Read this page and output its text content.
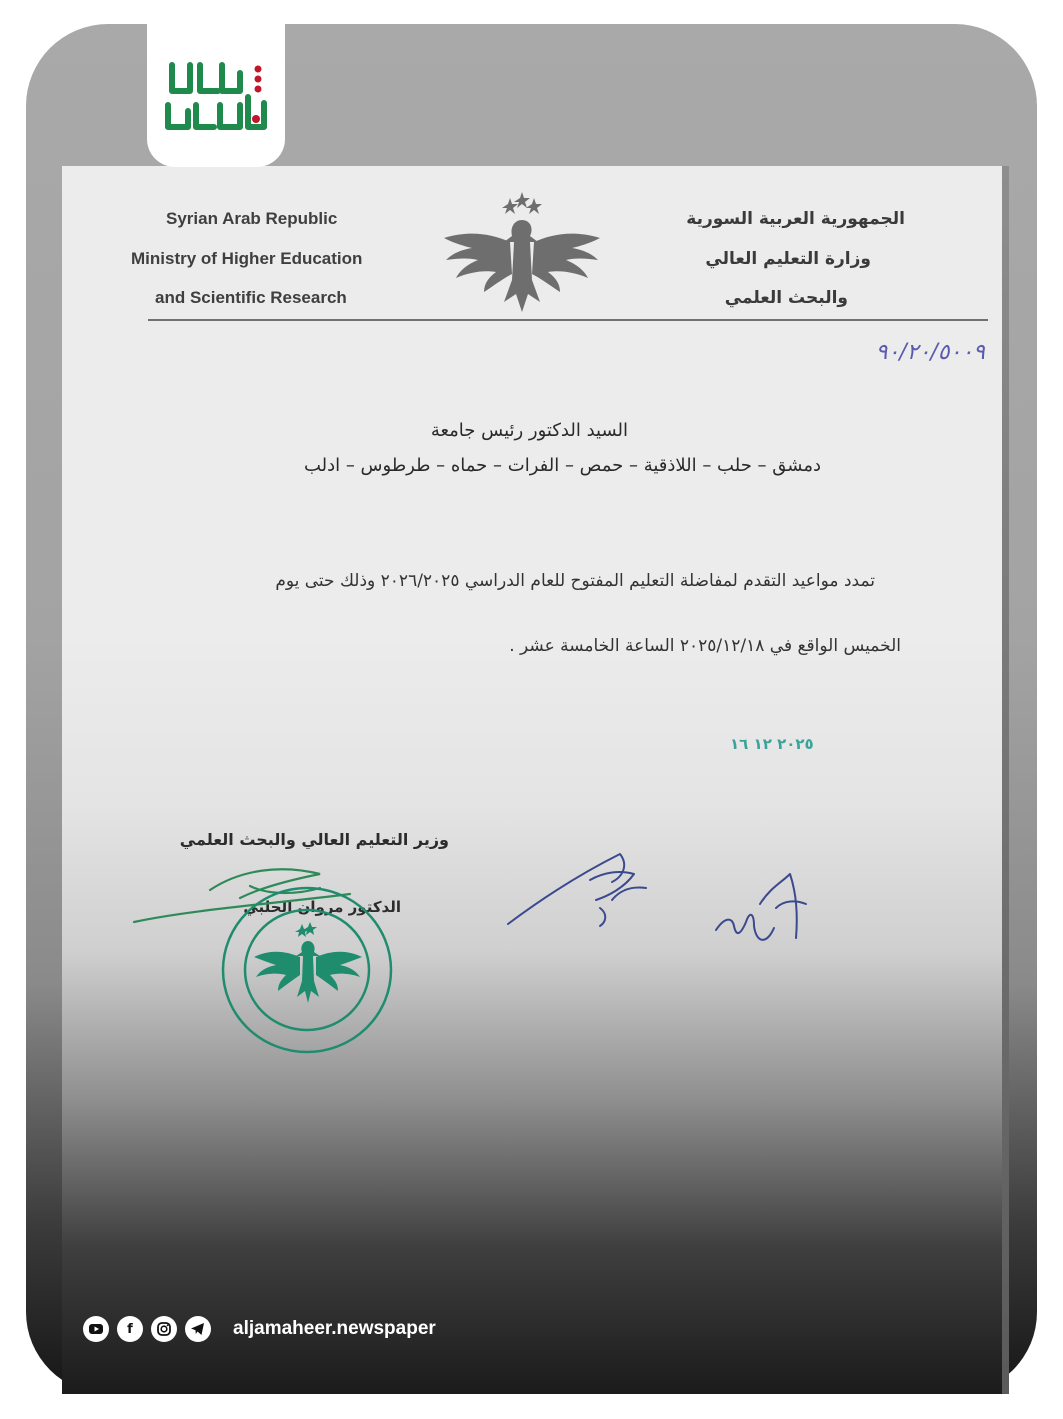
Syrian Arab Republic
Ministry of Higher Education
and Scientific Research
الجمهورية العربية السورية
وزارة التعليم العالي
والبحث العلمي
٩٠/٢٠/٥٠٠٩
السيد الدكتور رئيس جامعة
دمشق – حلب – اللاذقية – حمص – الفرات – حماه – طرطوس – ادلب
تمدد مواعيد التقدم لمفاضلة التعليم المفتوح للعام الدراسي ٢٠٢٦/٢٠٢٥ وذلك حتى يوم
الخميس الواقع في ٢٠٢٥/١٢/١٨ الساعة الخامسة عشر .
٢٠٢٥ ١٢ ١٦
وزير التعليم العالي والبحث العلمي
الدكتور مروان الحلبي
f	aljamaheer.newspaper
